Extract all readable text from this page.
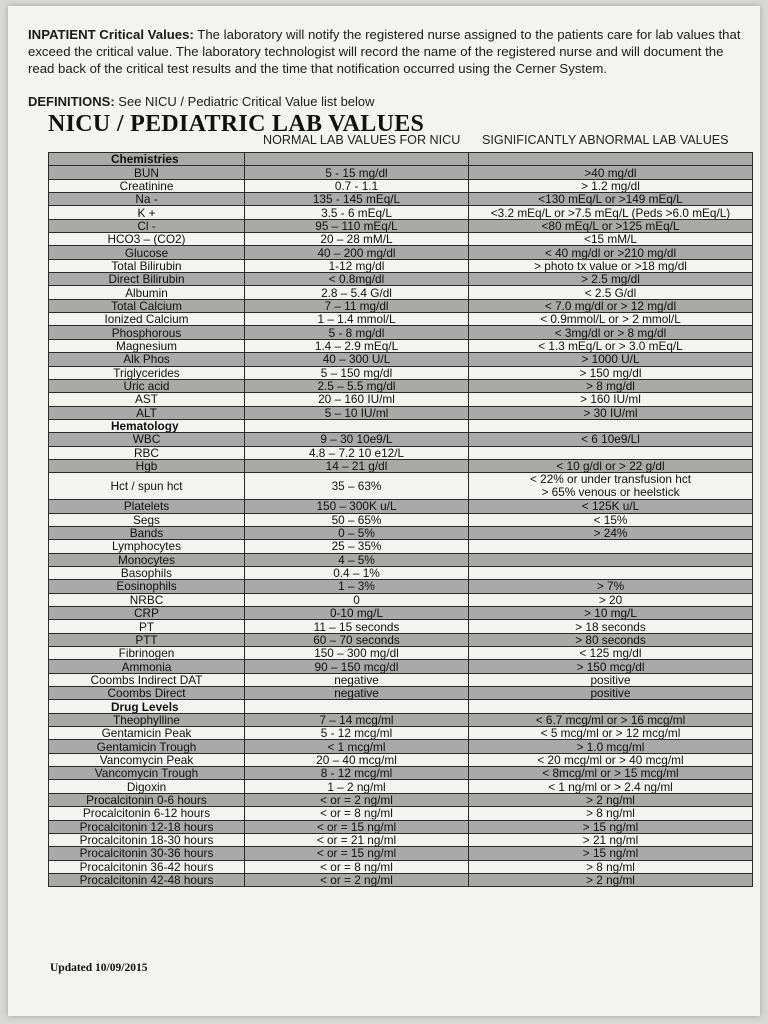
INPATIENT Critical Values: The laboratory will notify the registered nurse assigned to the patients care for lab values that exceed the critical value. The laboratory technologist will record the name of the registered nurse and will document the read back of the critical test results and the time that notification occurred using the Cerner System.
DEFINITIONS: See NICU / Pediatric Critical Value list below
NICU / PEDIATRIC LAB VALUES
NORMAL LAB VALUES FOR NICU SIGNIFICANTLY ABNORMAL LAB VALUES
Chemistries		
BUN	5 - 15 mg/dl	>40 mg/dl
Creatinine	0.7 - 1.1	> 1.2 mg/dl
Na -	135 - 145 mEq/L	<130 mEq/L or >149 mEq/L
K +	3.5 - 6 mEq/L	<3.2 mEq/L or >7.5 mEq/L (Peds >6.0 mEq/L)
Cl -	95 – 110 mEq/L	<80 mEq/L or >125 mEq/L
HCO3 – (CO2)	20 – 28 mM/L	<15 mM/L
Glucose	40 – 200 mg/dl	< 40 mg/dl or >210 mg/dl
Total Bilirubin	1-12 mg/dl	> photo tx value or >18 mg/dl
Direct Bilirubin	< 0.8mg/dl	> 2.5 mg/dl
Albumin	2.8 – 5.4 G/dl	< 2.5 G/dl
Total Calcium	7 – 11 mg/dl	< 7.0 mg/dl or > 12 mg/dl
Ionized Calcium	1 – 1.4 mmol/L	< 0.9mmol/L or > 2 mmol/L
Phosphorous	5 - 8 mg/dl	< 3mg/dl or > 8 mg/dl
Magnesium	1.4 – 2.9 mEq/L	< 1.3 mEq/L or > 3.0 mEq/L
Alk Phos	40 – 300 U/L	> 1000 U/L
Triglycerides	5 – 150 mg/dl	> 150 mg/dl
Uric acid	2.5 – 5.5 mg/dl	> 8 mg/dl
AST	20 – 160 IU/ml	> 160 IU/ml
ALT	5 – 10 IU/ml	> 30 IU/ml
Hematology		
WBC	9 – 30 10e9/L	< 6 10e9/Ll
RBC	4.8 – 7.2 10 e12/L	
Hgb	14 – 21 g/dl	< 10 g/dl or > 22 g/dl
Hct / spun hct	35 – 63%	< 22% or under transfusion hct
> 65% venous or heelstick

Platelets	150 – 300K u/L	< 125K u/L
Segs	50 – 65%	< 15%
Bands	0 – 5%	> 24%
Lymphocytes	25 – 35%	
Monocytes	4 – 5%	
Basophils	0.4 – 1%	
Eosinophils	1 – 3%	> 7%
NRBC	0	> 20
CRP	0-10 mg/L	> 10 mg/L
PT	11 – 15 seconds	> 18 seconds
PTT	60 – 70 seconds	> 80 seconds
Fibrinogen	150 – 300 mg/dl	< 125 mg/dl
Ammonia	90 – 150 mcg/dl	> 150 mcg/dl
Coombs Indirect DAT	negative	positive
Coombs Direct	negative	positive
Drug Levels		
Theophylline	7 – 14 mcg/ml	< 6.7 mcg/ml or > 16 mcg/ml
Gentamicin Peak	5 - 12 mcg/ml	< 5 mcg/ml or > 12 mcg/ml
Gentamicin Trough	< 1 mcg/ml	> 1.0 mcg/ml
Vancomycin Peak	20 – 40 mcg/ml	< 20 mcg/ml or > 40 mcg/ml
Vancomycin Trough	8 - 12 mcg/ml	< 8mcg/ml or > 15 mcg/ml
Digoxin	1 – 2 ng/ml	< 1 ng/ml or > 2.4 ng/ml
Procalcitonin 0-6 hours	< or = 2 ng/ml	> 2 ng/ml
Procalcitonin 6-12 hours	< or = 8 ng/ml	> 8 ng/ml
Procalcitonin 12-18 hours	< or = 15 ng/ml	> 15 ng/ml
Procalcitonin 18-30 hours	< or = 21 ng/ml	> 21 ng/ml
Procalcitonin 30-36 hours	< or = 15 ng/ml	> 15 ng/ml
Procalcitonin 36-42 hours	< or = 8 ng/ml	> 8 ng/ml
Procalcitonin 42-48 hours	< or = 2 ng/ml	> 2 ng/ml
Updated 10/09/2015
